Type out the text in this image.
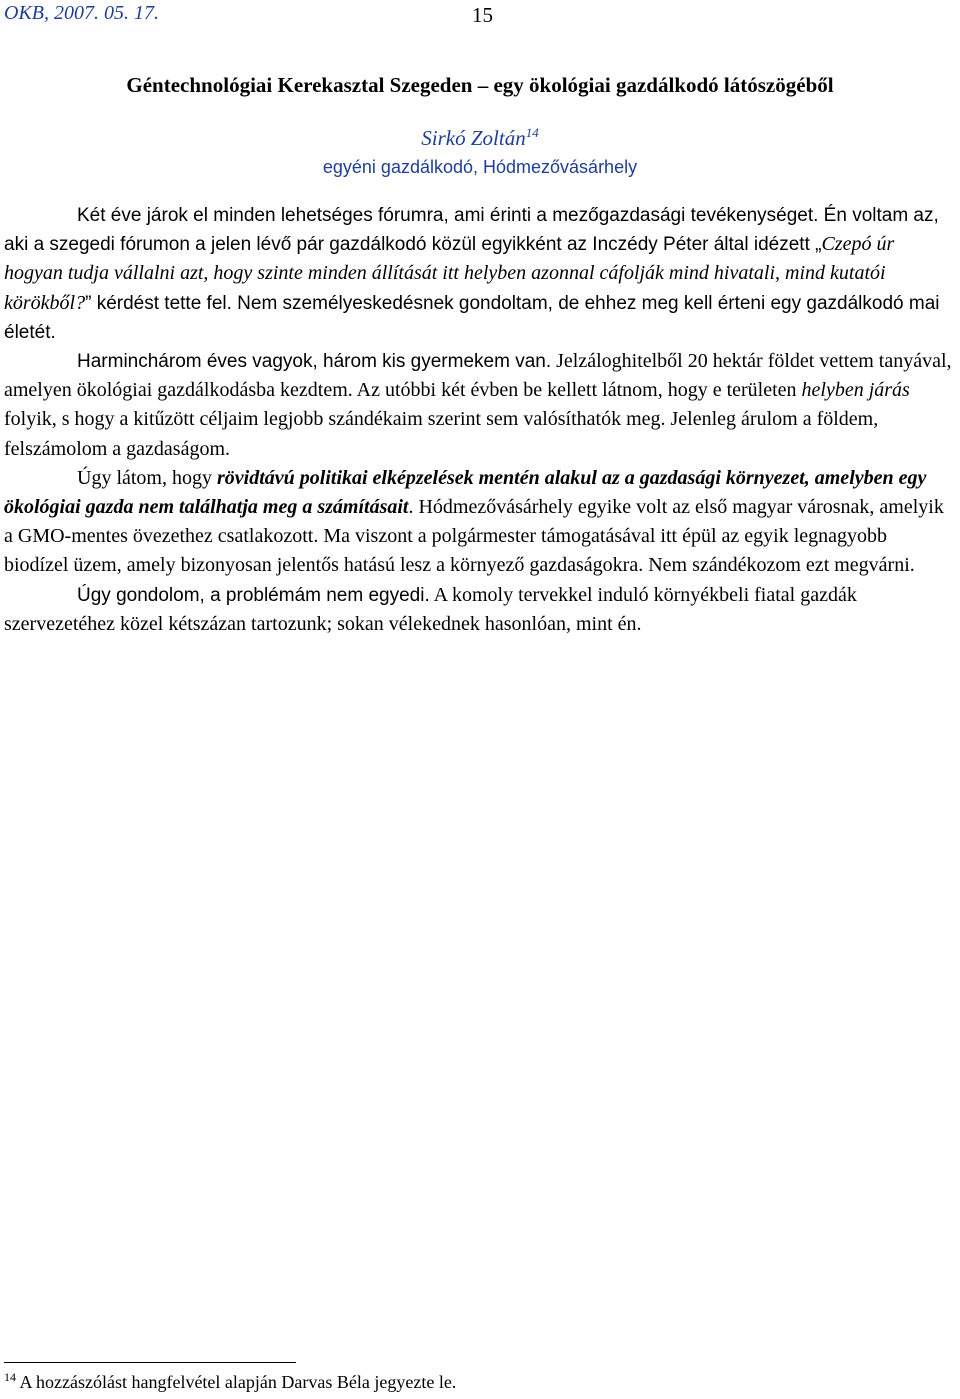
OKB, 2007. 05. 17.	15
Géntechnológiai Kerekasztal Szegeden – egy ökológiai gazdálkodó látószögéből
Sirkó Zoltán$^{14}$
egyéni gazdálkodó, Hódmezővásárhely

Két éve járok el minden lehetséges fórumra, ami érinti a mezőgazdasági tevékenységet. Én voltam az, aki a szegedi fórumon a jelen lévő pár gazdálkodó közül egyikként az Inczédy Péter által idézett „Czepó úr hogyan tudja vállalni azt, hogy szinte minden állítását itt helyben azonnal cáfolják mind hivatali, mind kutatói körökből?” kérdést tette fel. Nem személyeskedésnek gondoltam, de ehhez meg kell érteni egy gazdálkodó mai életét.

Harminchárom éves vagyok, három kis gyermekem van. Jelzáloghitelből 20 hektár földet vettem tanyával, amelyen ökológiai gazdálkodásba kezdtem. Az utóbbi két évben be kellett látnom, hogy e területen helyben járás folyik, s hogy a kitűzött céljaim legjobb szándékaim szerint sem valósíthatók meg. Jelenleg árulom a földem, felszámolom a gazdaságom.

Úgy látom, hogy rövidtávú politikai elképzelések mentén alakul az a gazdasági környezet, amelyben egy ökológiai gazda nem találhatja meg a számításait. Hódmezővásárhely egyike volt az első magyar városnak, amelyik a GMO-mentes övezethez csatlakozott. Ma viszont a polgármester támogatásával itt épül az egyik legnagyobb biodízel üzem, amely bizonyosan jelentős hatású lesz a környező gazdaságokra. Nem szándékozom ezt megvárni.

Úgy gondolom, a problémám nem egyedi. A komoly tervekkel induló környékbeli fiatal gazdák szervezetéhez közel kétszázan tartozunk; sokan vélekednek hasonlóan, mint én.

$^{14}$ A hozzászólást hangfelvétel alapján Darvas Béla jegyezte le.
